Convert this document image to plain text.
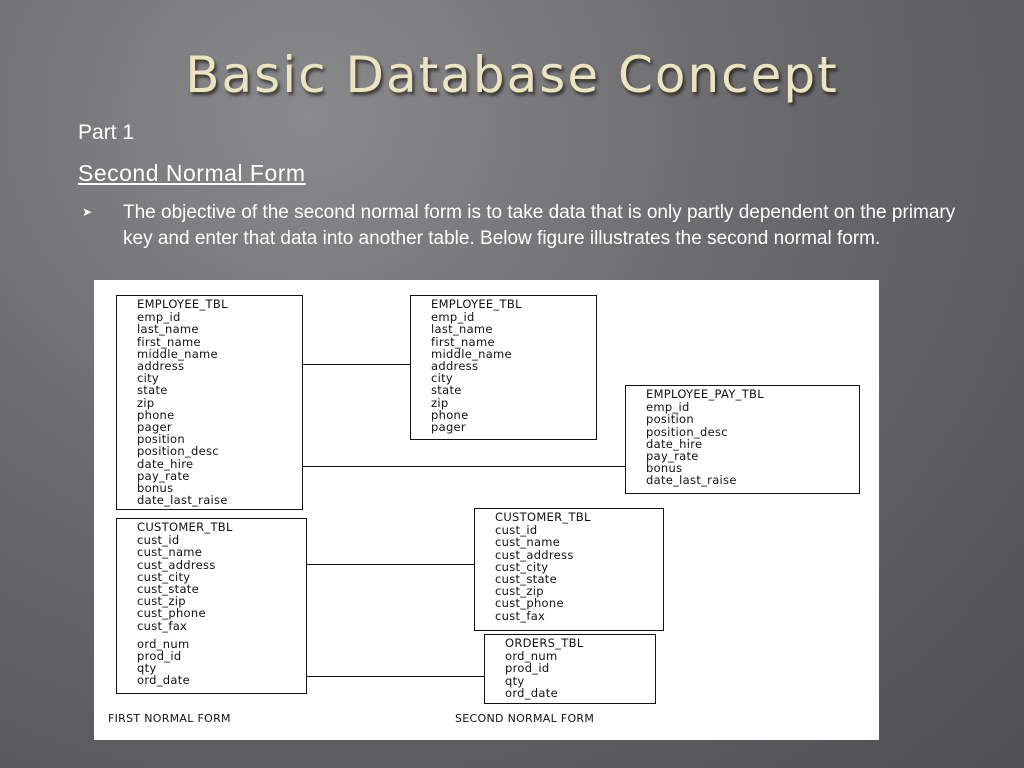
Basic Database Concept
Part 1
Second Normal Form
➤ The objective of the second normal form is to take data that is only partly dependent on the primary key and enter that data into another table. Below figure illustrates the second normal form.
EMPLOYEE_TBL
emp_id
last_name
first_name
middle_name
address
city
state
zip
phone
pager
position
position_desc
date_hire
pay_rate
bonus
date_last_raise
CUSTOMER_TBL
cust_id
cust_name
cust_address
cust_city
cust_state
cust_zip
cust_phone
cust_fax
ord_num
prod_id
qty
ord_date
EMPLOYEE_TBL
emp_id
last_name
first_name
middle_name
address
city
state
zip
phone
pager
EMPLOYEE_PAY_TBL
emp_id
position
position_desc
date_hire
pay_rate
bonus
date_last_raise
CUSTOMER_TBL
cust_id
cust_name
cust_address
cust_city
cust_state
cust_zip
cust_phone
cust_fax
ORDERS_TBL
ord_num
prod_id
qty
ord_date
FIRST NORMAL FORM	SECOND NORMAL FORM
